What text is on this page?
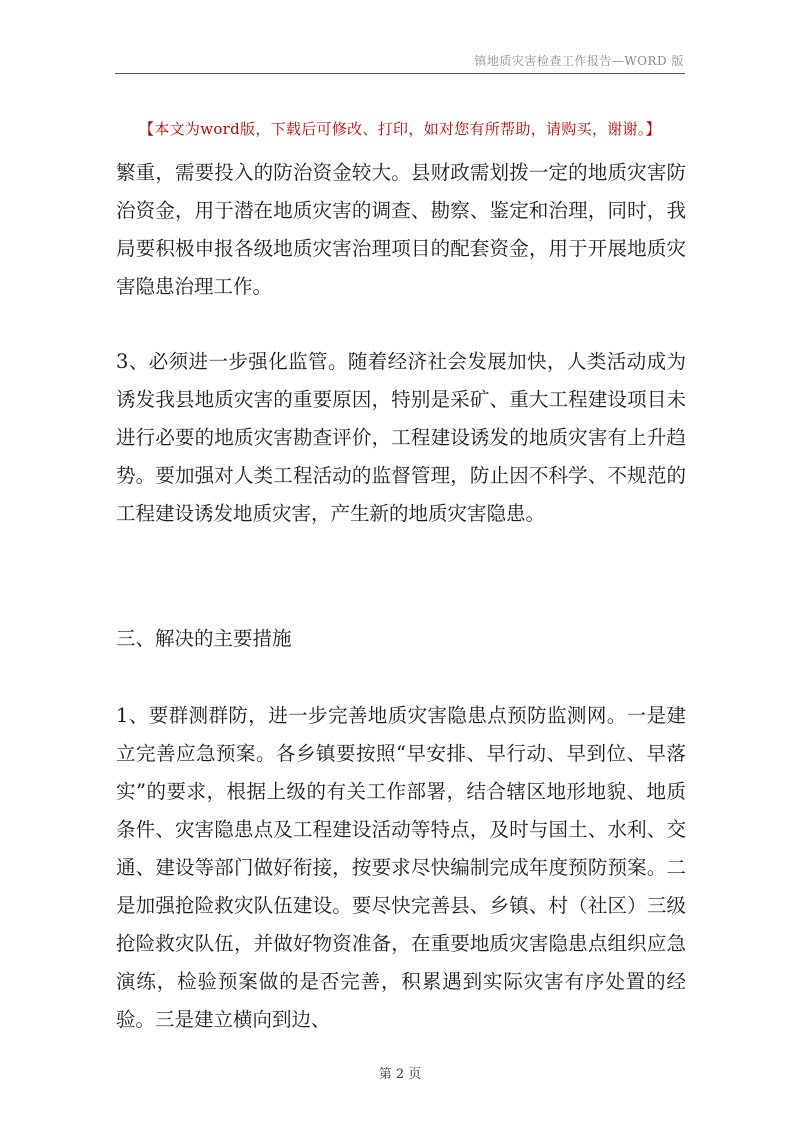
镇地质灾害检查工作报告—WORD 版
【本文为word版，下载后可修改、打印，如对您有所帮助，请购买，谢谢。】

繁重，需要投入的防治资金较大。县财政需划拨一定的地质灾害防治资金，用于潜在地质灾害的调查、勘察、鉴定和治理，同时，我局要积极申报各级地质灾害治理项目的配套资金，用于开展地质灾害隐患治理工作。

3、必须进一步强化监管。随着经济社会发展加快，人类活动成为诱发我县地质灾害的重要原因，特别是采矿、重大工程建设项目未进行必要的地质灾害勘查评价，工程建设诱发的地质灾害有上升趋势。要加强对人类工程活动的监督管理，防止因不科学、不规范的工程建设诱发地质灾害，产生新的地质灾害隐患。

三、解决的主要措施

1、要群测群防，进一步完善地质灾害隐患点预防监测网。一是建立完善应急预案。各乡镇要按照“早安排、早行动、早到位、早落实”的要求，根据上级的有关工作部署，结合辖区地形地貌、地质条件、灾害隐患点及工程建设活动等特点，及时与国土、水利、交通、建设等部门做好衔接，按要求尽快编制完成年度预防预案。二是加强抢险救灾队伍建设。要尽快完善县、乡镇、村（社区）三级抢险救灾队伍，并做好物资准备，在重要地质灾害隐患点组织应急演练，检验预案做的是否完善，积累遇到实际灾害有序处置的经验。三是建立横向到边、

第 2 页
